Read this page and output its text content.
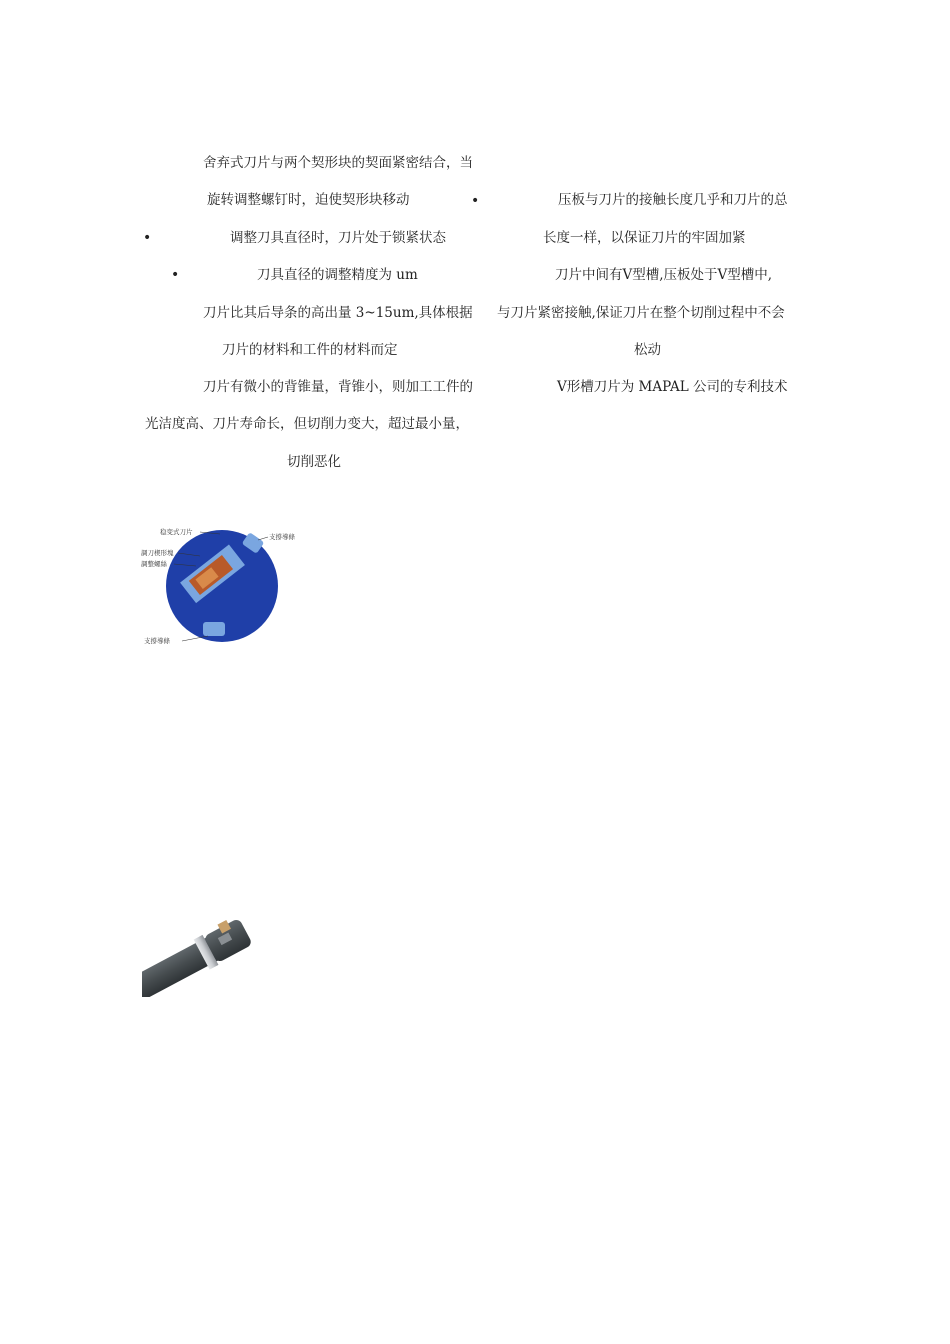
舍弃式刀片与两个契形块的契面紧密结合，当
旋转调整螺钉时，迫使契形块移动
•	调整刀具直径时，刀片处于锁紧状态
•	刀具直径的调整精度为 um
刀片比其后导条的高出量 3~15um,具体根据
刀片的材料和工件的材料而定
刀片有微小的背锥量，背锥小，则加工工件的
光洁度高、刀片寿命长，但切削力变大，超过最小量，
切削恶化
•	压板与刀片的接触长度几乎和刀片的总
长度一样，以保证刀片的牢固加紧
刀片中间有V型槽,压板处于V型槽中,
与刀片紧密接触,保证刀片在整个切削过程中不会
松动
V形槽刀片为 MAPAL 公司的专利技术
稳变式刀片
支撐導條
調刀楔形塊
調整螺絲
支撐導條
